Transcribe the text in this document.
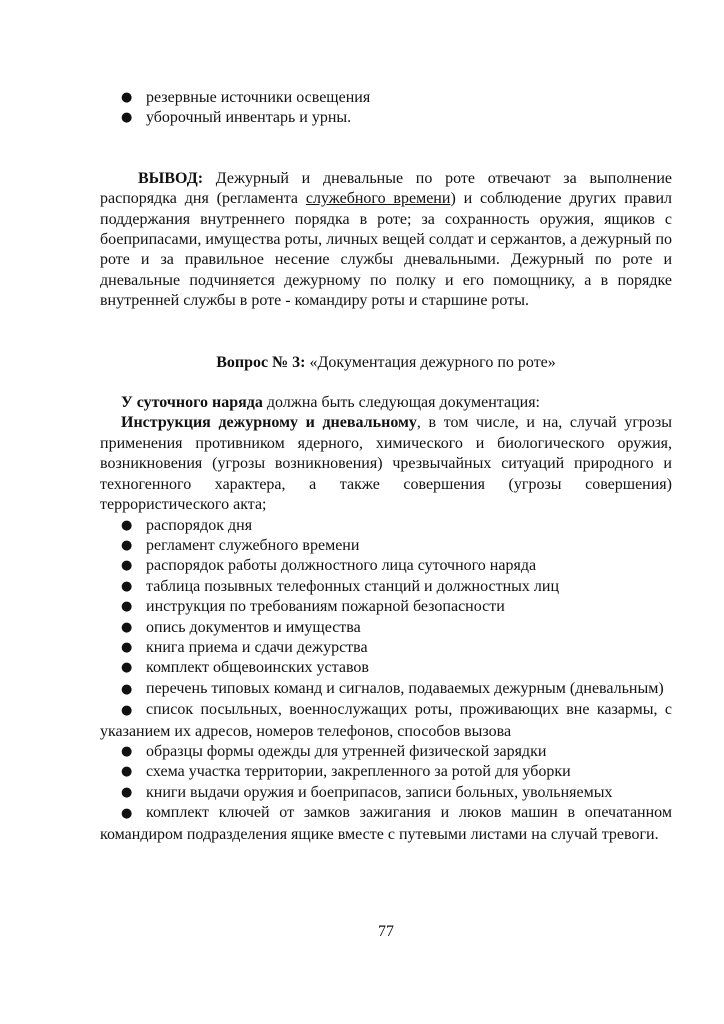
● резервные источники освещения
● уборочный инвентарь и урны.

ВЫВОД: Дежурный и дневальные по роте отвечают за выполнение распорядка дня (регламента служебного времени) и соблюдение других правил поддержания внутреннего порядка в роте; за сохранность оружия, ящиков с боеприпасами, имущества роты, личных вещей солдат и сержантов, а дежурный по роте и за правильное несение службы дневальными. Дежурный по роте и дневальные подчиняется дежурному по полку и его помощнику, а в порядке внутренней службы в роте - командиру роты и старшине роты.

Вопрос № 3: «Документация дежурного по роте»

У суточного наряда должна быть следующая документация:

Инструкция дежурному и дневальному, в том числе, и на, случай угрозы применения противником ядерного, химического и биологического оружия, возникновения (угрозы возникновения) чрезвычайных ситуаций природного и техногенного характера, а также совершения (угрозы совершения) террористического акта;

● распорядок дня
● регламент служебного времени
● распорядок работы должностного лица суточного наряда
● таблица позывных телефонных станций и должностных лиц
● инструкция по требованиям пожарной безопасности
● опись документов и имущества
● книга приема и сдачи дежурства
● комплект общевоинских уставов
● перечень типовых команд и сигналов, подаваемых дежурным (дневальным)
● список посыльных, военнослужащих роты, проживающих вне казармы, с указанием их адресов, номеров телефонов, способов вызова
● образцы формы одежды для утренней физической зарядки
● схема участка территории, закрепленного за ротой для уборки
● книги выдачи оружия и боеприпасов, записи больных, увольняемых
● комплект ключей от замков зажигания и люков машин в опечатанном командиром подразделения ящике вместе с путевыми листами на случай тревоги.
77
